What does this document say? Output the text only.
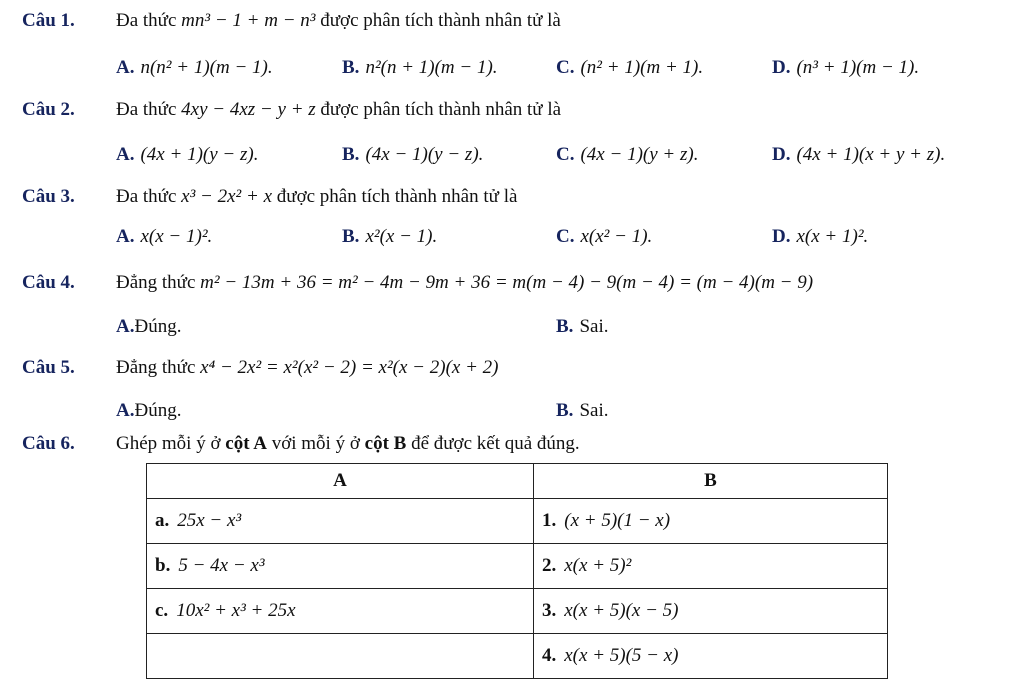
Câu 1. Đa thức mn³ − 1 + m − n³ được phân tích thành nhân tử là
A. n(n² + 1)(m − 1).	B. n²(n + 1)(m − 1).	C. (n² + 1)(m + 1).	D. (n³ + 1)(m − 1).
Câu 2. Đa thức 4xy − 4xz − y + z được phân tích thành nhân tử là
A. (4x + 1)(y − z).	B. (4x − 1)(y − z).	C. (4x − 1)(y + z).	D. (4x + 1)(x + y + z).
Câu 3. Đa thức x³ − 2x² + x được phân tích thành nhân tử là
A. x(x − 1)².	B. x²(x − 1).	C. x(x² − 1).	D. x(x + 1)².
Câu 4. Đẳng thức m² − 13m + 36 = m² − 4m − 9m + 36 = m(m − 4) − 9(m − 4) = (m − 4)(m − 9)
A.Đúng.	B. Sai.
Câu 5. Đẳng thức x⁴ − 2x² = x²(x² − 2) = x²(x − 2)(x + 2)
A.Đúng.	B. Sai.
Câu 6. Ghép mỗi ý ở cột A với mỗi ý ở cột B để được kết quả đúng.
A	B
a. 25x − x³	1. (x + 5)(1 − x)
b. 5 − 4x − x³	2. x(x + 5)²
c. 10x² + x³ + 25x	3. x(x + 5)(x − 5)
	4. x(x + 5)(5 − x)
